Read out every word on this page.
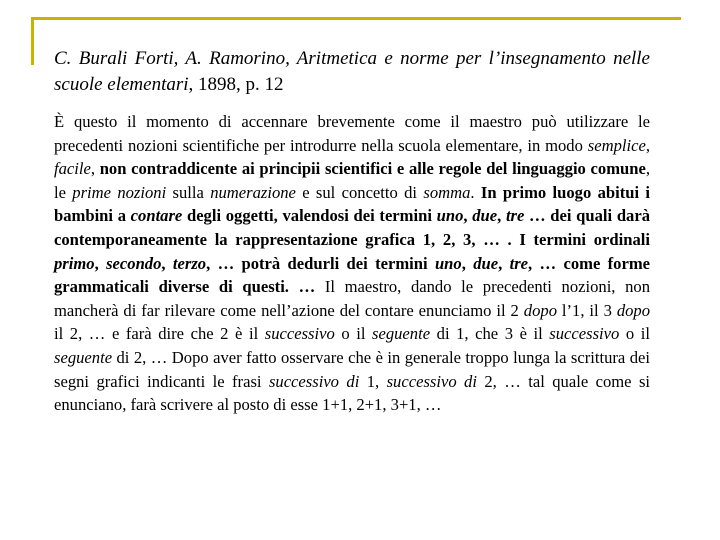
C. Burali Forti, A. Ramorino, Aritmetica e norme per l’insegnamento nelle scuole elementari, 1898, p. 12

È questo il momento di accennare brevemente come il maestro può utilizzare le precedenti nozioni scientifiche per introdurre nella scuola elementare, in modo semplice, facile, non contraddicente ai principii scientifici e alle regole del linguaggio comune, le prime nozioni sulla numerazione e sul concetto di somma. In primo luogo abitui i bambini a contare degli oggetti, valendosi dei termini uno, due, tre … dei quali darà contemporaneamente la rappresentazione grafica 1, 2, 3, … . I termini ordinali primo, secondo, terzo, … potrà dedurli dei termini uno, due, tre, … come forme grammaticali diverse di questi. … Il maestro, dando le precedenti nozioni, non mancherà di far rilevare come nell’azione del contare enunciamo il 2 dopo l’1, il 3 dopo il 2, … e farà dire che 2 è il successivo o il seguente di 1, che 3 è il successivo o il seguente di 2, … Dopo aver fatto osservare che è in generale troppo lunga la scrittura dei segni grafici indicanti le frasi successivo di 1, successivo di 2, … tal quale come si enunciano, farà scrivere al posto di esse 1+1, 2+1, 3+1, …
